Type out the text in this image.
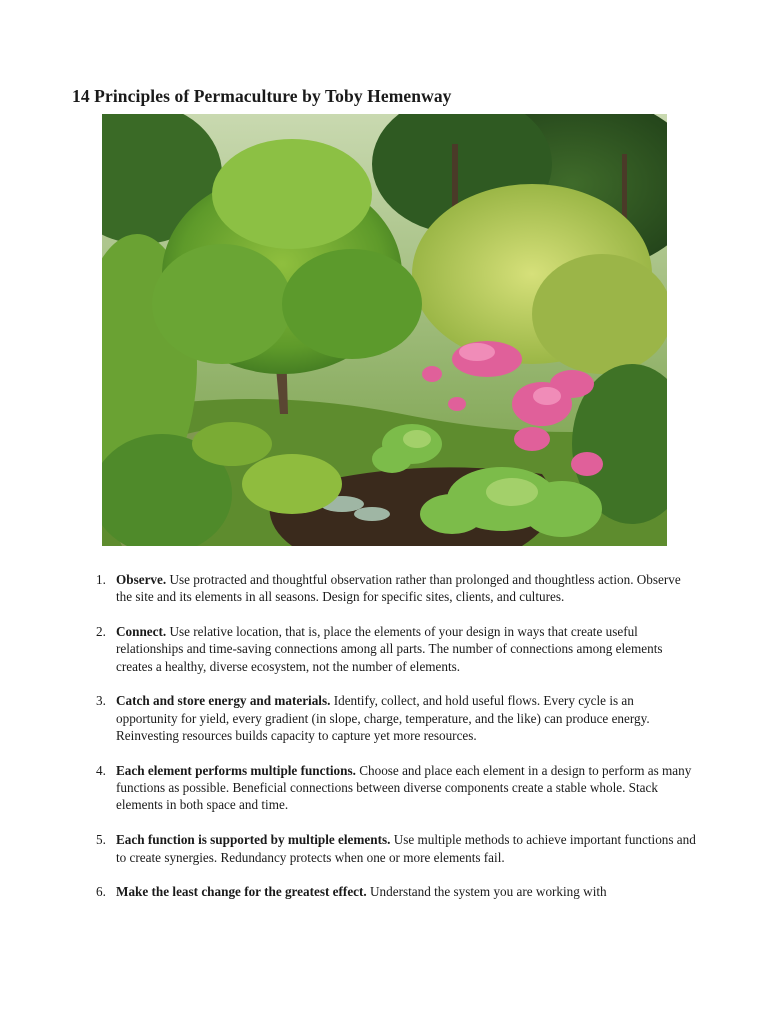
14 Principles of Permaculture by Toby Hemenway
1. Observe. Use protracted and thoughtful observation rather than prolonged and thoughtless action. Observe the site and its elements in all seasons. Design for specific sites, clients, and cultures.
2. Connect. Use relative location, that is, place the elements of your design in ways that create useful relationships and time-saving connections among all parts. The number of connections among elements creates a healthy, diverse ecosystem, not the number of elements.
3. Catch and store energy and materials. Identify, collect, and hold useful flows. Every cycle is an opportunity for yield, every gradient (in slope, charge, temperature, and the like) can produce energy. Reinvesting resources builds capacity to capture yet more resources.
4. Each element performs multiple functions. Choose and place each element in a design to perform as many functions as possible. Beneficial connections between diverse components create a stable whole. Stack elements in both space and time.
5. Each function is supported by multiple elements. Use multiple methods to achieve important functions and to create synergies. Redundancy protects when one or more elements fail.
6. Make the least change for the greatest effect. Understand the system you are working with
